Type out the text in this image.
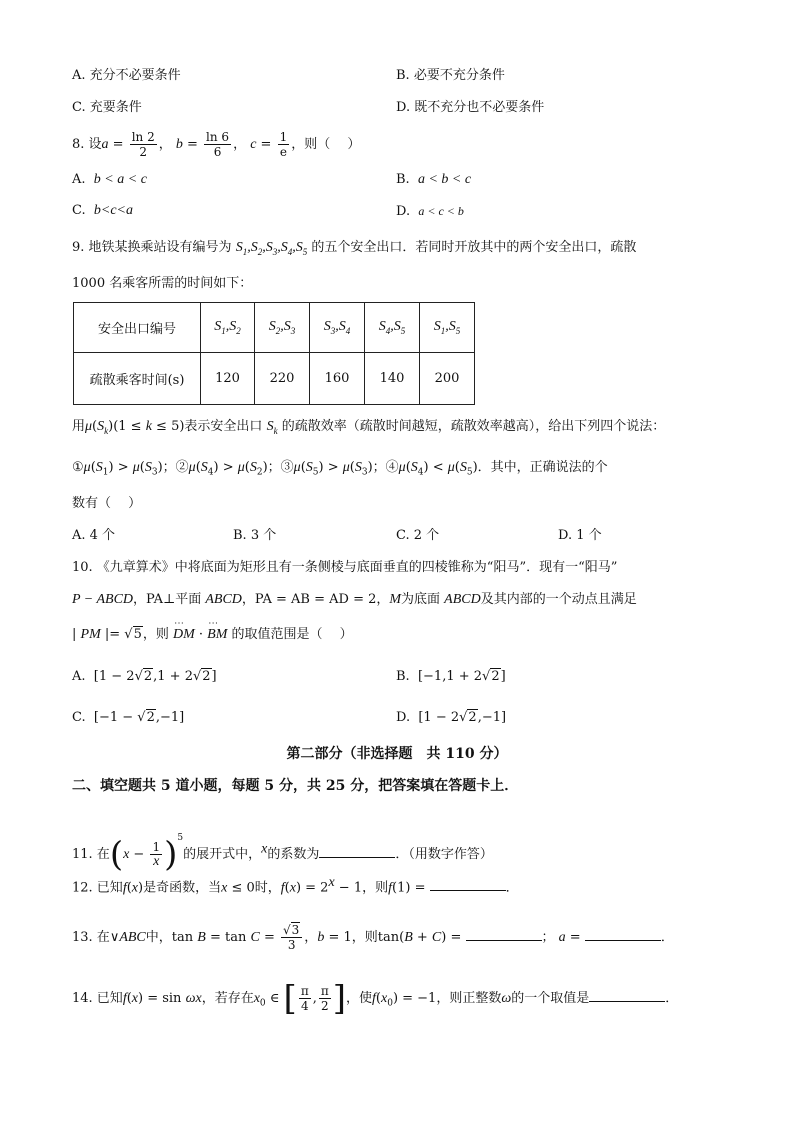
A. 充分不必要条件	B. 必要不充分条件
C. 充要条件	D. 既不充分也不必要条件
8. 设$a = \frac{\ln 2}{2}$ ， $b = \frac{\ln 6}{6}$ ， $c = \frac{1}{e}$ ，则（　 ）
A. b < a < c	B. a < b < c
C. b<c<a	D. a < c < b
9. 地铁某换乘站设有编号为 $S_1,S_2,S_3,S_4,S_5$ 的五个安全出口．若同时开放其中的两个安全出口，疏散
1000 名乘客所需的时间如下：
安全出口编号	$S_1,S_2$	$S_2,S_3$	$S_3,S_4$	$S_4,S_5$	$S_1,S_5$
疏散乘客时间(s)	120	220	160	140	200
用$\mu(S_k)(1 \le k \le 5)$表示安全出口 $S_k$ 的疏散效率（疏散时间越短，疏散效率越高），给出下列四个说法：
$①\mu(S_1) > \mu(S_3)$；$②\mu(S_4) > \mu(S_2)$；$③\mu(S_5) > \mu(S_3)$；$④\mu(S_4) < \mu(S_5)$．其中，正确说法的个
数有（　 ）
A. 4 个	B. 3 个	C. 2 个	D. 1 个
10. 《九章算术》中将底面为矩形且有一条侧棱与底面垂直的四棱锥称为“阳马”．现有一“阳马”
P − ABCD，PA⊥平面 ABCD，PA = AB = AD = 2，M为底面 ABCD及其内部的一个动点且满足
| PM |= √5，则 ⋯ DM · ⋯ BM 的取值范围是（　 ）
A.  [1 − 2√2,1 + 2√2]	B.  [−1,1 + 2√2]
C.  [−1 − √2,−1]	D.  [1 − 2√2,−1]
第二部分（非选择题　共 110 分）
二、填空题共 5 道小题，每题 5 分，共 25 分，把答案填在答题卡上．
11. 在$(x - \frac{1}{x} )^5$的展开式中，$^x$的系数为	．（用数字作答）
12. 已知f(x)是奇函数，当x ≤ 0时，$f(x) = 2^x - 1$，则f(1) =	．
13. 在∨ABC中，$\tan B = \tan C = \frac{√3}{3}$ ，b = 1，则tan(B + C) =	； a =	．
14. 已知f(x) = sin ωx，若存在$x_0$ ∈ [ $\frac{\pi}{4}$ , $\frac{\pi}{2}$ ]，使$f(x_0) = -1$，则正整数ω的一个取值是	．
